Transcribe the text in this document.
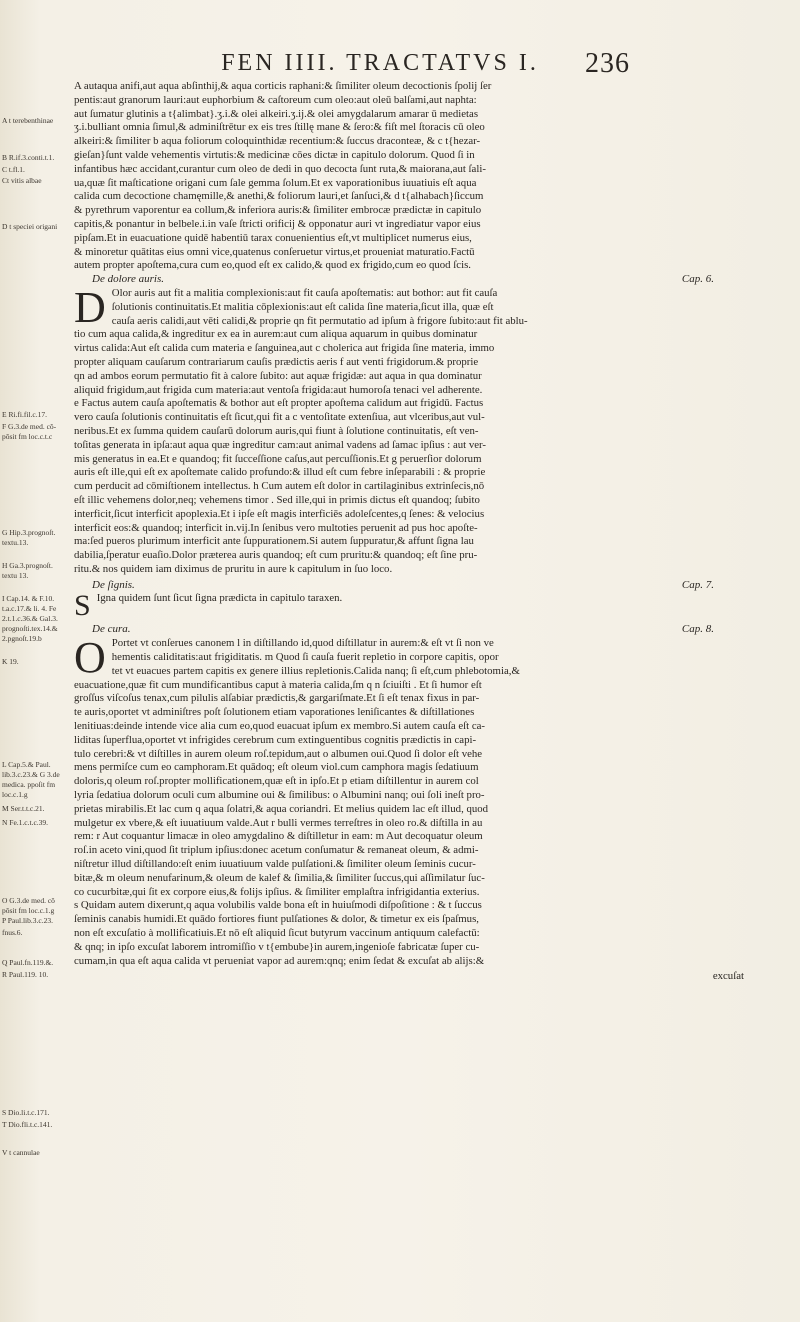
FEN IIII. TRACTATVS I.	236
A t terebenthinae
B R.if.3.conti.t.1.
C t.fl.1.
Ct vitis albae
D t speciei origani
E Ri.fi.fil.c.17.
F G.3.de med. cõ-
pōsit fm loc.c.t.c
G Hip.3.prognoſt.
textu.13.
H Ga.3.prognoſt.
textu 13.
I Cap.14. & F.10.
t.a.c.17.& li. 4. Fe
2.t.1.c.36.& Gal.3.
prognoſti.tex.14.&
2.pgnoſt.19.b
K 19.
L Cap.5.& Paul.
lib.3.c.23.& G 3.de
medica. ppoſit fm
loc.c.1.g
M Ser.t.t.c.21.
N Fe.1.c.t.c.39.
O G.3.de med. cõ
pōsit fm loc.c.1.g
P Paul.lib.3.c.23.
fnus.6.
Q Paul.fn.119.&.
R Paul.119. 10.
S Dio.li.t.c.171.
T Dio.fli.t.c.141.
V t cannulae
A autaqua anifi,aut aqua abſinthij,& aqua corticis raphani:& ſimiliter oleum decoctionis ſpolij ſer
pentis:aut granorum lauri:aut euphorbium & caſtoreum cum oleo:aut oleū balſami,aut naphta:
aut ſumatur glutinis a t{alimbat}.ʒ.i.& olei alkeiri.ʒ.ij.& olei amygdalarum amarar ū medietas
ʒ.i.bulliant omnia ſimul,& adminiſtrētur ex eis tres ſtillę mane & ſero:& fiſt mel ſtoracis cū oleo
alkeiri:& ſimiliter b aqua foliorum coloquinthidæ recentium:& ſuccus draconteæ, & c t{hezar-
gieſan}ſunt valde vehementis virtutis:& medicinæ cōes dictæ in capitulo dolorum. Quod ſi in
infantibus hæc accidant,curantur cum oleo de dedi in quo decocta ſunt ruta,& maiorana,aut ſali-
ua,quæ ſit maſticatione origani cum ſale gemma ſolum.Et ex vaporationibus iuuatiuis eſt aqua
calida cum decoctione chamęmille,& anethi,& foliorum lauri,et ſanſuci,& d t{alhabach}ſiccum
& pyrethrum vaporentur ea collum,& inferiora auris:& ſimiliter embrocæ prædictæ in capitulo
capitis,& ponantur in belbele.i.in vaſe ſtricti orificij & opponatur auri vt ingrediatur vapor eius
pipſam.Et in euacuatione quidē habentiū tarax conuenientius eſt,vt multiplicet numerus eius,
& minoretur quātitas eius omni vice,quatenus conſeruetur virtus,et proueniat maturatio.Factū
autem propter apoſtema,cura cum eo,quod eſt ex calido,& quod ex frigido,cum eo quod ſcis.
De dolore auris.	Cap. 6.
D Olor auris aut fit a malitia complexionis:aut fit cauſa apoſtematis: aut bothor: aut fit cauſa
ſolutionis continuitatis.Et malitia cōplexionis:aut eſt calida ſine materia,ſicut illa, quæ eſt
cauſa aeris calidi,aut vēti calidi,& proprie qn fit permutatio ad ipſum à frigore ſubito:aut fit ablu-
tio cum aqua calida,& ingreditur ex ea in aurem:aut cum aliqua aquarum in quibus dominatur
virtus calida:Aut eſt calida cum materia e ſanguinea,aut c cholerica aut frigida ſine materia, immo
propter aliquam cauſarum contrariarum cauſis prædictis aeris f aut venti frigidorum.& proprie
qn ad ambos eorum permutatio fit à calore ſubito: aut aquæ frigidæ: aut aqua in qua dominatur
aliquid frigidum,aut frigida cum materia:aut ventoſa frigida:aut humoroſa tenaci vel adherente.
e Factus autem cauſa apoſtematis & bothor aut eſt propter apoſtema calidum aut frigidū. Factus
vero cauſa ſolutionis continuitatis eſt ſicut,qui fit a c ventoſitate extenſiua, aut vlceribus,aut vul-
neribus.Et ex ſumma quidem cauſarū dolorum auris,qui fiunt à ſolutione continuitatis, eſt ven-
toſitas generata in ipſa:aut aqua quæ ingreditur cam:aut animal vadens ad ſamac ipſius : aut ver-
mis generatus in ea.Et e quandoq; fit ſucceſſione caſus,aut percuſſionis.Et g peruerſior dolorum
auris eſt ille,qui eſt ex apoſtemate calido profundo:& illud eſt cum febre inſeparabili : & proprie
cum perducit ad cōmiſtionem intellectus. h Cum autem eſt dolor in cartilaginibus extrinſecis,nō
eſt illic vehemens dolor,neq; vehemens timor . Sed ille,qui in primis dictus eſt quandoq; ſubito
interficit,ſicut interficit apoplexia.Et i ipſe eſt magis interficiēs adoleſcentes,q ſenes: & velocius
interficit eos:& quandoq; interficit in.vij.In ſenibus vero multoties peruenit ad pus hoc apoſte-
ma:ſed pueros plurimum interficit ante ſuppurationem.Si autem ſuppuratur,& affunt ſigna lau
dabilia,ſperatur euaſio.Dolor præterea auris quandoq; eſt cum pruritu:& quandoq; eſt ſine pru-
ritu.& nos quidem iam diximus de pruritu in aure k capitulum in ſuo loco.
De ſignis.	Cap. 7.
S Igna quidem ſunt ſicut ſigna prædicta in capitulo taraxen.
De cura.	Cap. 8.
O Portet vt conſerues canonem l in diſtillando id,quod diſtillatur in aurem:& eſt vt ſi non ve
hementis caliditatis:aut frigiditatis. m Quod ſi cauſa fuerit repletio in corpore capitis, opor
tet vt euacues partem capitis ex genere illius repletionis.Calida nanq; ſi eſt,cum phlebotomia,&
euacuatione,quæ fit cum mundificantibus caput à materia calida,ſm q n ſciuiſti . Et ſi humor eſt
groſſus viſcoſus tenax,cum pilulis alſabiar prædictis,& gargariſmate.Et ſi eſt tenax fixus in par-
te auris,oportet vt adminiſtres poſt ſolutionem etiam vaporationes leniſicantes & diſtillationes
lenitiuas:deinde intende vice alia cum eo,quod euacuat ipſum ex membro.Si autem cauſa eſt ca-
liditas ſuperflua,oportet vt infrigides cerebrum cum extinguentibus cognitis prædictis in capi-
tulo cerebri:& vt diſtilles in aurem oleum roſ.tepidum,aut o albumen oui.Quod ſi dolor eſt vehe
mens permiſce cum eo camphoram.Et quādoq; eſt oleum viol.cum camphora magis ſedatiuum
doloris,q oleum roſ.propter mollificationem,quæ eſt in ipſo.Et p etiam diſtillentur in aurem col
lyria ſedatiua dolorum oculi cum albumine oui & ſimilibus: o Albumini nanq; oui ſoli ineſt pro-
prietas mirabilis.Et lac cum q aqua ſolatri,& aqua coriandri. Et melius quidem lac eſt illud, quod
mulgetur ex vbere,& eſt iuuatiuum valde.Aut r bulli vermes terreſtres in oleo ro.& diſtilla in au
rem: r Aut coquantur limacæ in oleo amygdalino & diſtilletur in eam: m Aut decoquatur oleum
roſ.in aceto vini,quod ſit triplum ipſius:donec acetum conſumatur & remaneat oleum, & admi-
niſtretur illud diſtillando:eſt enim iuuatiuum valde pulſationi.& ſimiliter oleum ſeminis cucur-
bitæ,& m oleum nenufarinum,& oleum de kalef & ſimilia,& ſimiliter ſuccus,qui aſſimilatur ſuc-
co cucurbitæ,qui ſit ex corpore eius,& folijs ipſius. & ſimiliter emplaſtra infrigidantia exterius.
s Quidam autem dixerunt,q aqua volubilis valde bona eſt in huiuſmodi diſpoſitione : & t ſuccus
ſeminis canabis humidi.Et quādo fortiores fiunt pulſationes & dolor, & timetur ex eis ſpaſmus,
non eſt excuſatio à mollificatiuis.Et nō eſt aliquid ſicut butyrum vaccinum antiquum calefactū:
& qnq; in ipſo excuſat laborem intromiſſio v t{embube}in aurem,ingenioſe fabricatæ ſuper cu-
cumam,in qua eſt aqua calida vt perueniat vapor ad aurem:qnq; enim ſedat & excuſat ab alijs:&
excuſat
